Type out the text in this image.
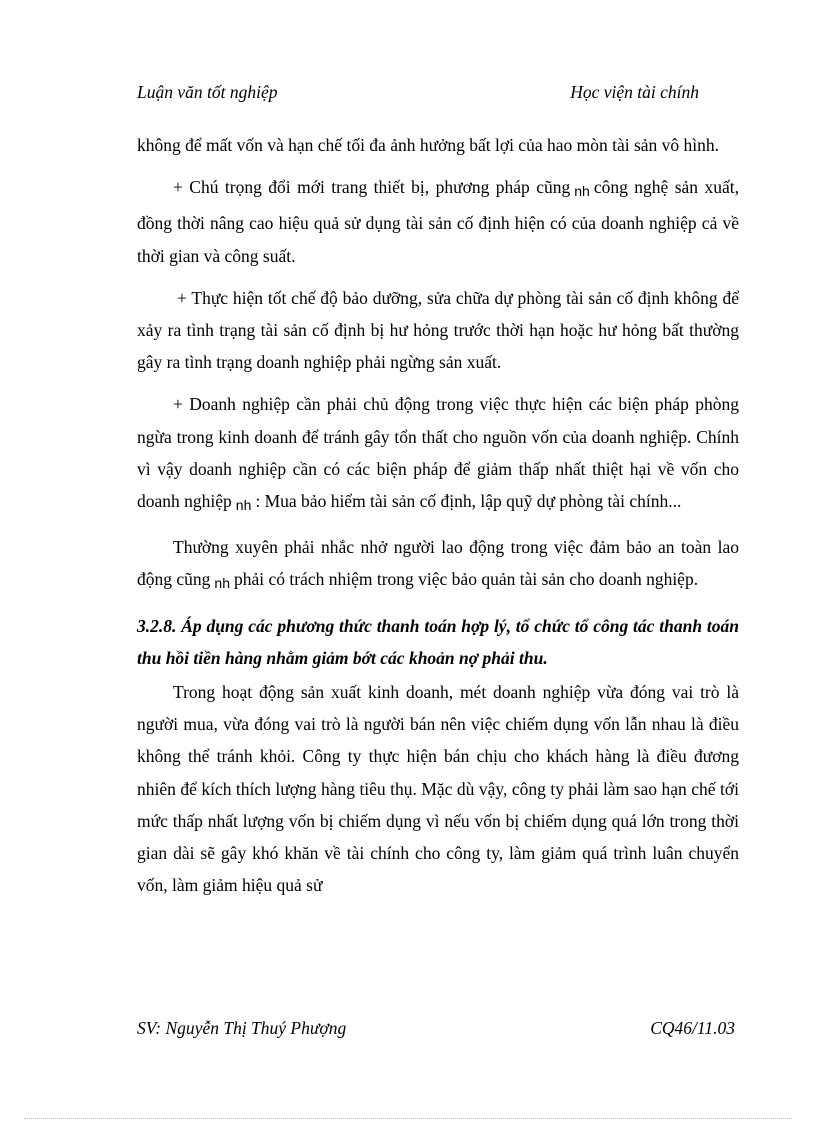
Luận văn tốt nghiệp	Học viện tài chính

không để mất vốn và hạn chế tối đa ảnh hưởng bất lợi của hao mòn tài sản vô hình.

+ Chú trọng đổi mới trang thiết bị, phương pháp cũng nh công nghệ sản xuất, đồng thời nâng cao hiệu quả sử dụng tài sản cố định hiện có của doanh nghiệp cả về thời gian và công suất.

+ Thực hiện tốt chế độ bảo dưỡng, sửa chữa dự phòng tài sản cố định không để xảy ra tình trạng tài sản cố định bị hư hỏng trước thời hạn hoặc hư hỏng bất thường gây ra tình trạng doanh nghiệp phải ngừng sản xuất.

+ Doanh nghiệp cần phải chủ động trong việc thực hiện các biện pháp phòng ngừa trong kinh doanh để tránh gây tổn thất cho nguồn vốn của doanh nghiệp. Chính vì vậy doanh nghiệp cần có các biện pháp để giảm thấp nhất thiệt hại về vốn cho doanh nghiệp nh : Mua bảo hiểm tài sản cố định, lập quỹ dự phòng tài chính...

Thường xuyên phải nhắc nhở người lao động trong việc đảm bảo an toàn lao động cũng nh phải có trách nhiệm trong việc bảo quản tài sản cho doanh nghiệp.

3.2.8. Áp dụng các phương thức thanh toán hợp lý, tổ chức tổ công tác thanh toán thu hồi tiền hàng nhằm giảm bớt các khoản nợ phải thu.

Trong hoạt động sản xuất kinh doanh, mét doanh nghiệp vừa đóng vai trò là người mua, vừa đóng vai trò là người bán nên việc chiếm dụng vốn lẫn nhau là điều không thể tránh khỏi. Công ty thực hiện bán chịu cho khách hàng là điều đương nhiên để kích thích lượng hàng tiêu thụ. Mặc dù vậy, công ty phải làm sao hạn chế tới mức thấp nhất lượng vốn bị chiếm dụng vì nếu vốn bị chiếm dụng quá lớn trong thời gian dài sẽ gây khó khăn về tài chính cho công ty, làm giảm quá trình luân chuyển vốn, làm giảm hiệu quả sử

SV: Nguyễn Thị Thuý Phượng	CQ46/11.03
